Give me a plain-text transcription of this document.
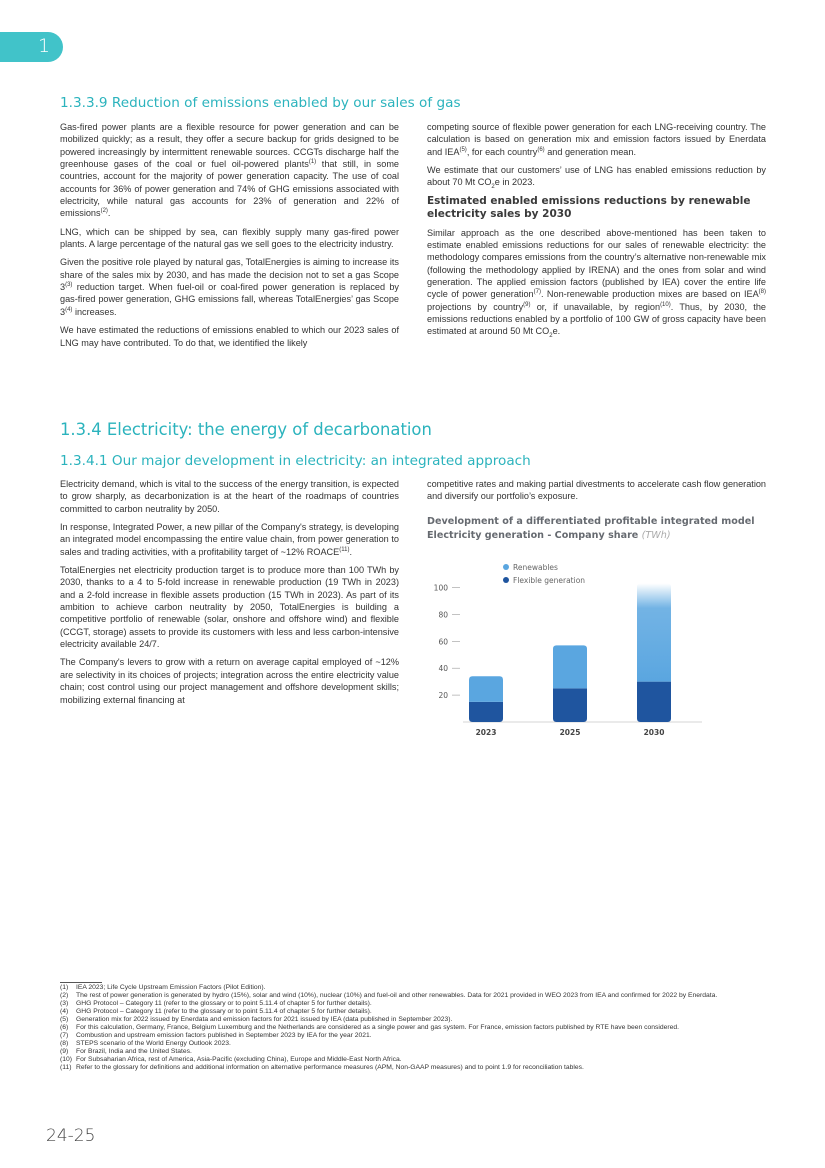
1
1.3.3.9 Reduction of emissions enabled by our sales of gas

Gas-fired power plants are a flexible resource for power generation and can be mobilized quickly; as a result, they offer a secure backup for grids designed to be powered increasingly by intermittent renewable sources. CCGTs discharge half the greenhouse gases of the coal or fuel oil-powered plants$^{(1)}$ that still, in some countries, account for the majority of power generation capacity. The use of coal accounts for 36% of power generation and 74% of GHG emissions associated with electricity, while natural gas accounts for 23% of generation and 22% of emissions$^{(2)}$.

LNG, which can be shipped by sea, can flexibly supply many gas-fired power plants. A large percentage of the natural gas we sell goes to the electricity industry.

Given the positive role played by natural gas, TotalEnergies is aiming to increase its share of the sales mix by 2030, and has made the decision not to set a gas Scope 3$^{(3)}$ reduction target. When fuel-oil or coal-fired power generation is replaced by gas-fired power generation, GHG emissions fall, whereas TotalEnergies’ gas Scope 3$^{(4)}$ increases.

We have estimated the reductions of emissions enabled to which our 2023 sales of LNG may have contributed. To do that, we identified the likely

competing source of flexible power generation for each LNG-receiving country. The calculation is based on generation mix and emission factors issued by Enerdata and IEA$^{(5)}$, for each country$^{(6)}$ and generation mean.

We estimate that our customers’ use of LNG has enabled emissions reduction by about 70 Mt $CO_2e$ in 2023.

Estimated enabled emissions reductions by renewable electricity sales by 2030

Similar approach as the one described above-mentioned has been taken to estimate enabled emissions reductions for our sales of renewable electricity: the methodology compares emissions from the country’s alternative non-renewable mix (following the methodology applied by IRENA) and the ones from solar and wind generation. The applied emission factors (published by IEA) cover the entire life cycle of power generation$^{(7)}$. Non-renewable production mixes are based on IEA$^{(8)}$ projections by country$^{(9)}$ or, if unavailable, by region$^{(10)}$. Thus, by 2030, the emissions reductions enabled by a portfolio of 100 GW of gross capacity have been estimated at around 50 Mt $CO_2e$.

1.3.4 Electricity: the energy of decarbonation
1.3.4.1 Our major development in electricity: an integrated approach

Electricity demand, which is vital to the success of the energy transition, is expected to grow sharply, as decarbonization is at the heart of the roadmaps of countries committed to carbon neutrality by 2050.

In response, Integrated Power, a new pillar of the Company's strategy, is developing an integrated model encompassing the entire value chain, from power generation to sales and trading activities, with a profitability target of ~12% ROACE$^{(11)}$.

TotalEnergies net electricity production target is to produce more than 100 TWh by 2030, thanks to a 4 to 5-fold increase in renewable production (19 TWh in 2023) and a 2-fold increase in flexible assets production (15 TWh in 2023). As part of its ambition to achieve carbon neutrality by 2050, TotalEnergies is building a competitive portfolio of renewable (solar, onshore and offshore wind) and flexible (CCGT, storage) assets to provide its customers with less and less carbon-intensive electricity available 24/7.

The Company's levers to grow with a return on average capital employed of ~12% are selectivity in its choices of projects; integration across the entire electricity value chain; cost control using our project management and offshore development skills; mobilizing external financing at

competitive rates and making partial divestments to accelerate cash flow generation and diversify our portfolio’s exposure.

Development of a differentiated profitable integrated model
Electricity generation - Company share (TWh)
Renewables
Flexible generation
20
40
60
80
100
2023	2025	2030
(1)	IEA 2023; Life Cycle Upstream Emission Factors (Pilot Edition).
(2)	The rest of power generation is generated by hydro (15%), solar and wind (10%), nuclear (10%) and fuel-oil and other renewables. Data for 2021 provided in WEO 2023 from IEA and confirmed for 2022 by Enerdata.
(3)	GHG Protocol – Category 11 (refer to the glossary or to point 5.11.4 of chapter 5 for further details).
(4)	GHG Protocol – Category 11 (refer to the glossary or to point 5.11.4 of chapter 5 for further details).
(5)	Generation mix for 2022 issued by Enerdata and emission factors for 2021 issued by IEA (data published in September 2023).
(6)	For this calculation, Germany, France, Belgium Luxemburg and the Netherlands are considered as a single power and gas system. For France, emission factors published by RTE have been considered.
(7)	Combustion and upstream emission factors published in September 2023 by IEA for the year 2021.
(8)	STEPS scenario of the World Energy Outlook 2023.
(9)	For Brazil, India and the United States.
(10) For Subsaharian Africa, rest of America, Asia-Pacific (excluding China), Europe and Middle-East North Africa.
(11) Refer to the glossary for definitions and additional information on alternative performance measures (APM, Non-GAAP measures) and to point 1.9 for reconciliation tables.
24-25
